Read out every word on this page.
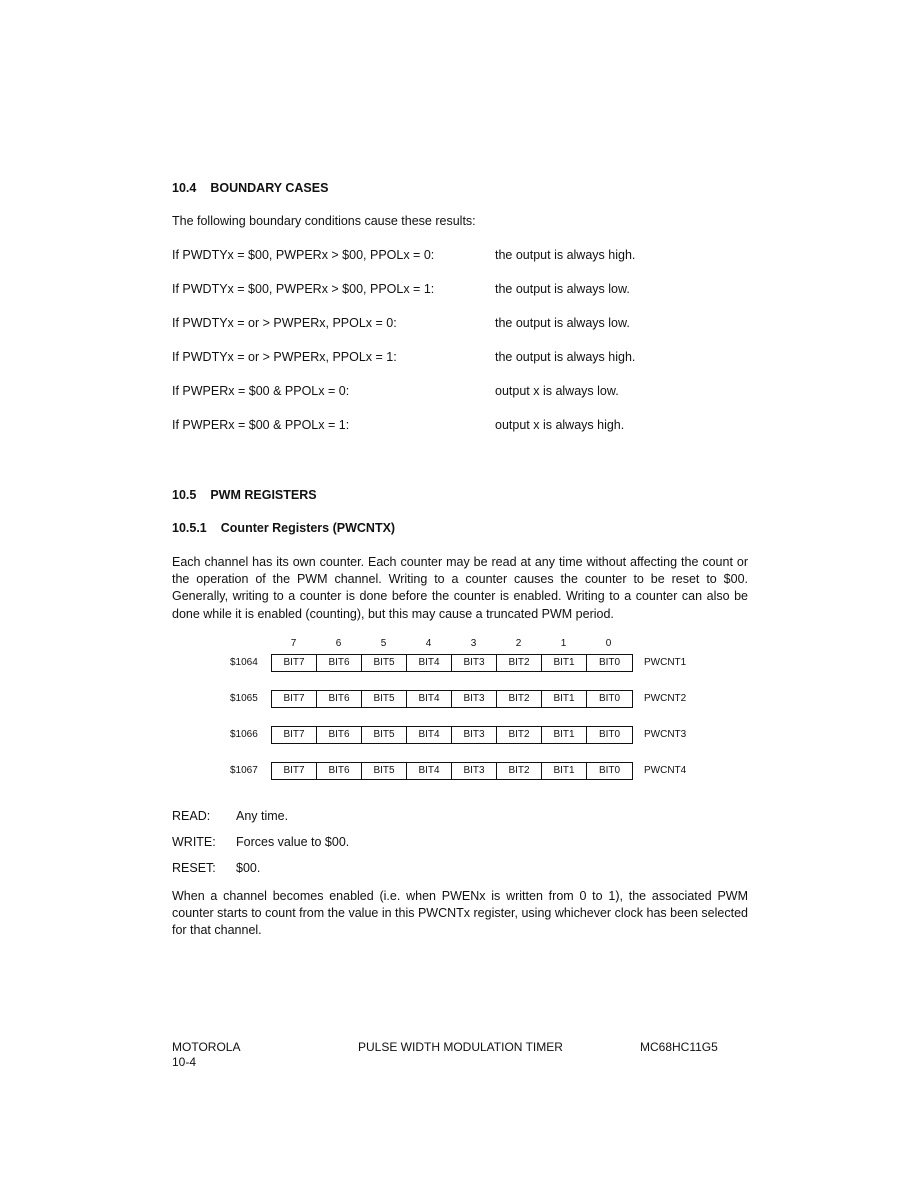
10.4 BOUNDARY CASES
The following boundary conditions cause these results:
If PWDTYx = $00, PWPERx > $00, PPOLx = 0:	the output is always high.
If PWDTYx = $00, PWPERx > $00, PPOLx = 1:	the output is always low.
If PWDTYx = or > PWPERx, PPOLx = 0:	the output is always low.
If PWDTYx = or > PWPERx, PPOLx = 1:	the output is always high.
If PWPERx = $00 & PPOLx = 0:	output x is always low.
If PWPERx = $00 & PPOLx = 1:	output x is always high.
10.5 PWM REGISTERS
10.5.1 Counter Registers (PWCNTX)
Each channel has its own counter. Each counter may be read at any time without affecting the count or the operation of the PWM channel. Writing to a counter causes the counter to be reset to $00. Generally, writing to a counter is done before the counter is enabled. Writing to a counter can also be done while it is enabled (counting), but this may cause a truncated PWM period.
7	6	5	4	3	2	1	0
$1064	BIT7	BIT6	BIT5	BIT4	BIT3	BIT2	BIT1	BIT0	PWCNT1
$1065	BIT7	BIT6	BIT5	BIT4	BIT3	BIT2	BIT1	BIT0	PWCNT2
$1066	BIT7	BIT6	BIT5	BIT4	BIT3	BIT2	BIT1	BIT0	PWCNT3
$1067	BIT7	BIT6	BIT5	BIT4	BIT3	BIT2	BIT1	BIT0	PWCNT4
READ: Any time.
WRITE: Forces value to $00.
RESET: $00.
When a channel becomes enabled (i.e. when PWENx is written from 0 to 1), the associated PWM counter starts to count from the value in this PWCNTx register, using whichever clock has been selected for that channel.
MOTOROLA
10-4
PULSE WIDTH MODULATION TIMER	MC68HC11G5
